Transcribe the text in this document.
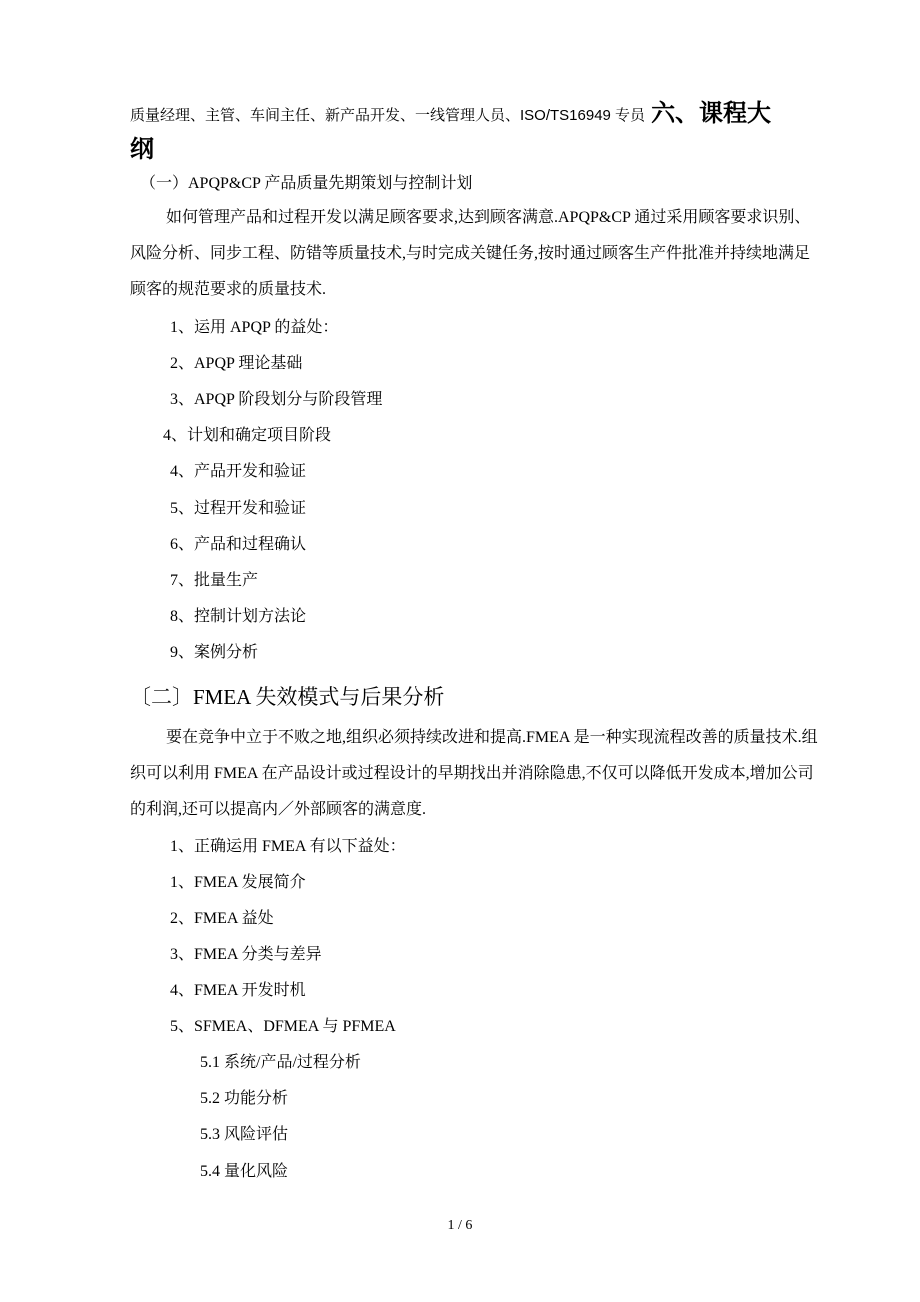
质量经理、主管、车间主任、新产品开发、一线管理人员、ISO/TS16949 专员 六、课程大
纲
（一）APQP&CP 产品质量先期策划与控制计划
如何管理产品和过程开发以满足顾客要求,达到顾客满意.APQP&CP 通过采用顾客要求识别、风险分析、同步工程、防错等质量技术,与时完成关键任务,按时通过顾客生产件批准并持续地满足顾客的规范要求的质量技术.
1、运用 APQP 的益处：
2、APQP 理论基础
3、APQP 阶段划分与阶段管理
4、计划和确定项目阶段
4、产品开发和验证
5、过程开发和验证
6、产品和过程确认
7、批量生产
8、控制计划方法论
9、案例分析
〔二〕FMEA 失效模式与后果分析
要在竞争中立于不败之地,组织必须持续改进和提高.FMEA 是一种实现流程改善的质量技术.组织可以利用 FMEA 在产品设计或过程设计的早期找出并消除隐患,不仅可以降低开发成本,增加公司的利润,还可以提高内／外部顾客的满意度.
1、正确运用 FMEA 有以下益处：
1、FMEA 发展简介
2、FMEA 益处
3、FMEA 分类与差异
4、FMEA 开发时机
5、SFMEA、DFMEA 与 PFMEA
5.1 系统/产品/过程分析
5.2 功能分析
5.3 风险评估
5.4 量化风险
1 / 6
